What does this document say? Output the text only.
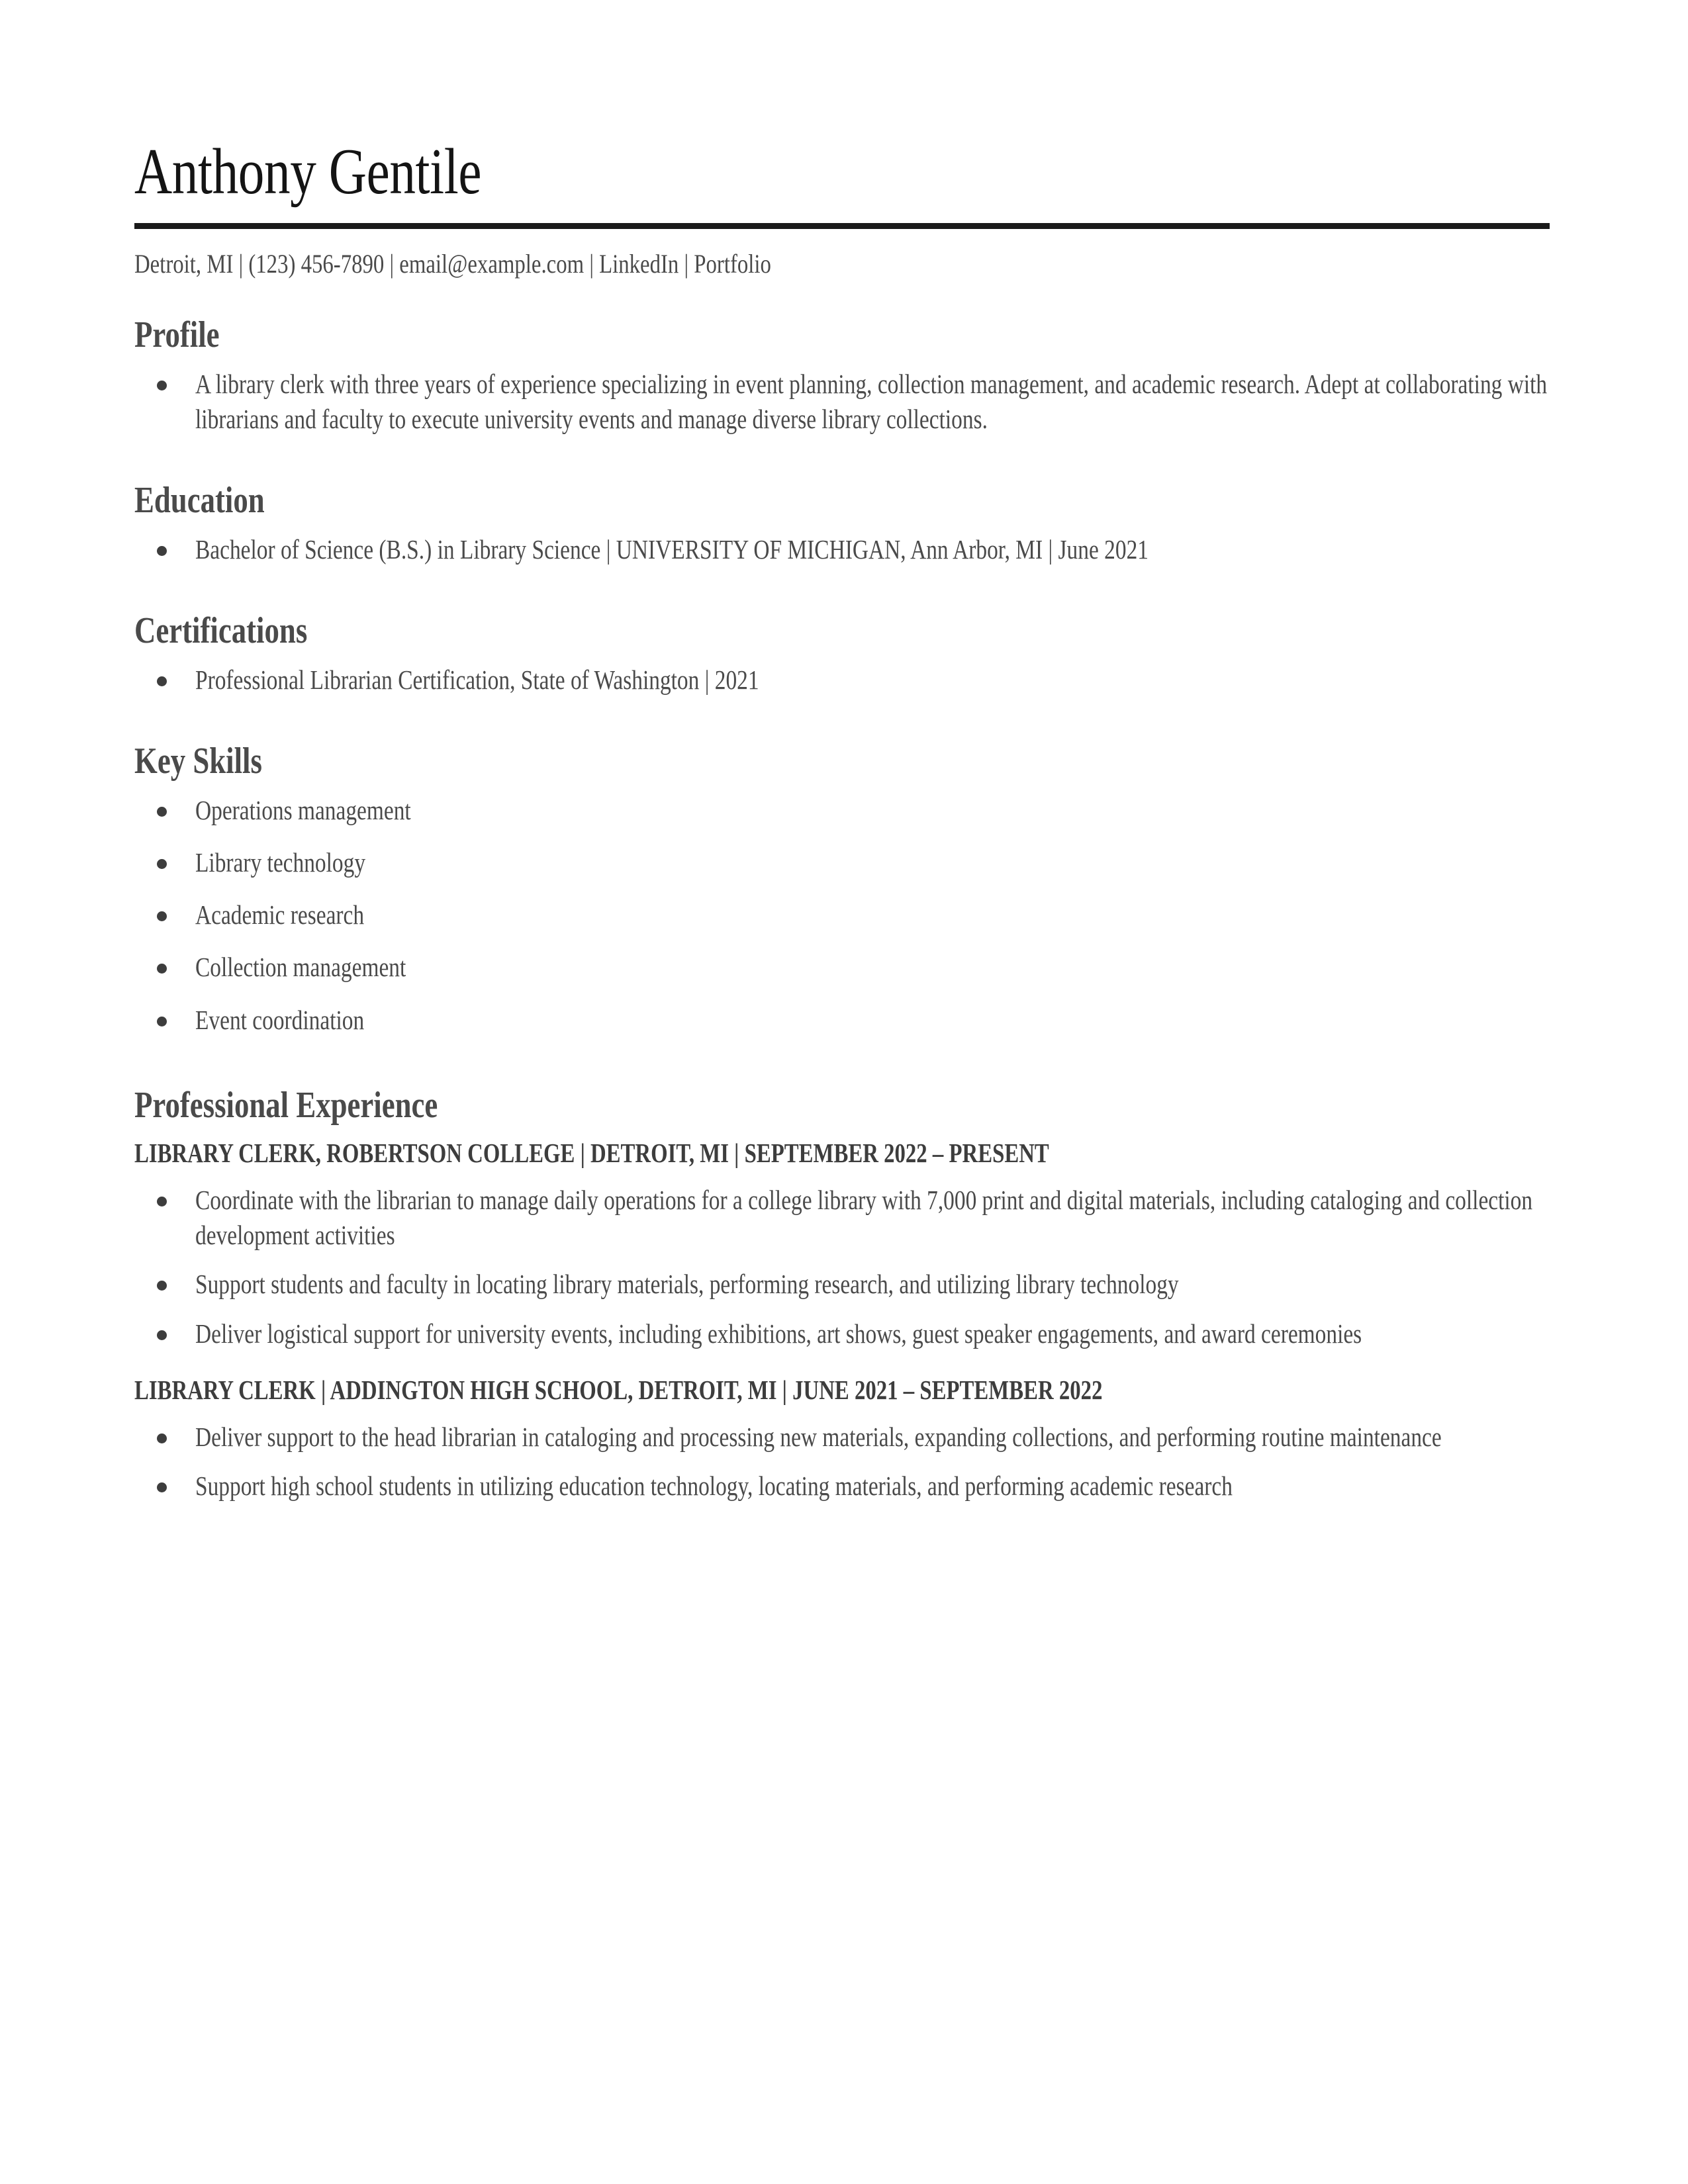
Anthony Gentile
Detroit, MI | (123) 456-7890 | email@example.com | LinkedIn | Portfolio
Profile
A library clerk with three years of experience specializing in event planning, collection management, and academic research. Adept at collaborating with librarians and faculty to execute university events and manage diverse library collections.
Education
Bachelor of Science (B.S.) in Library Science | UNIVERSITY OF MICHIGAN, Ann Arbor, MI | June 2021
Certifications
Professional Librarian Certification, State of Washington | 2021
Key Skills
Operations management
Library technology
Academic research
Collection management
Event coordination
Professional Experience
LIBRARY CLERK, ROBERTSON COLLEGE | DETROIT, MI | SEPTEMBER 2022 – PRESENT
Coordinate with the librarian to manage daily operations for a college library with 7,000 print and digital materials, including cataloging and collection development activities
Support students and faculty in locating library materials, performing research, and utilizing library technology
Deliver logistical support for university events, including exhibitions, art shows, guest speaker engagements, and award ceremonies
LIBRARY CLERK | ADDINGTON HIGH SCHOOL, DETROIT, MI | JUNE 2021 – SEPTEMBER 2022
Deliver support to the head librarian in cataloging and processing new materials, expanding collections, and performing routine maintenance
Support high school students in utilizing education technology, locating materials, and performing academic research
